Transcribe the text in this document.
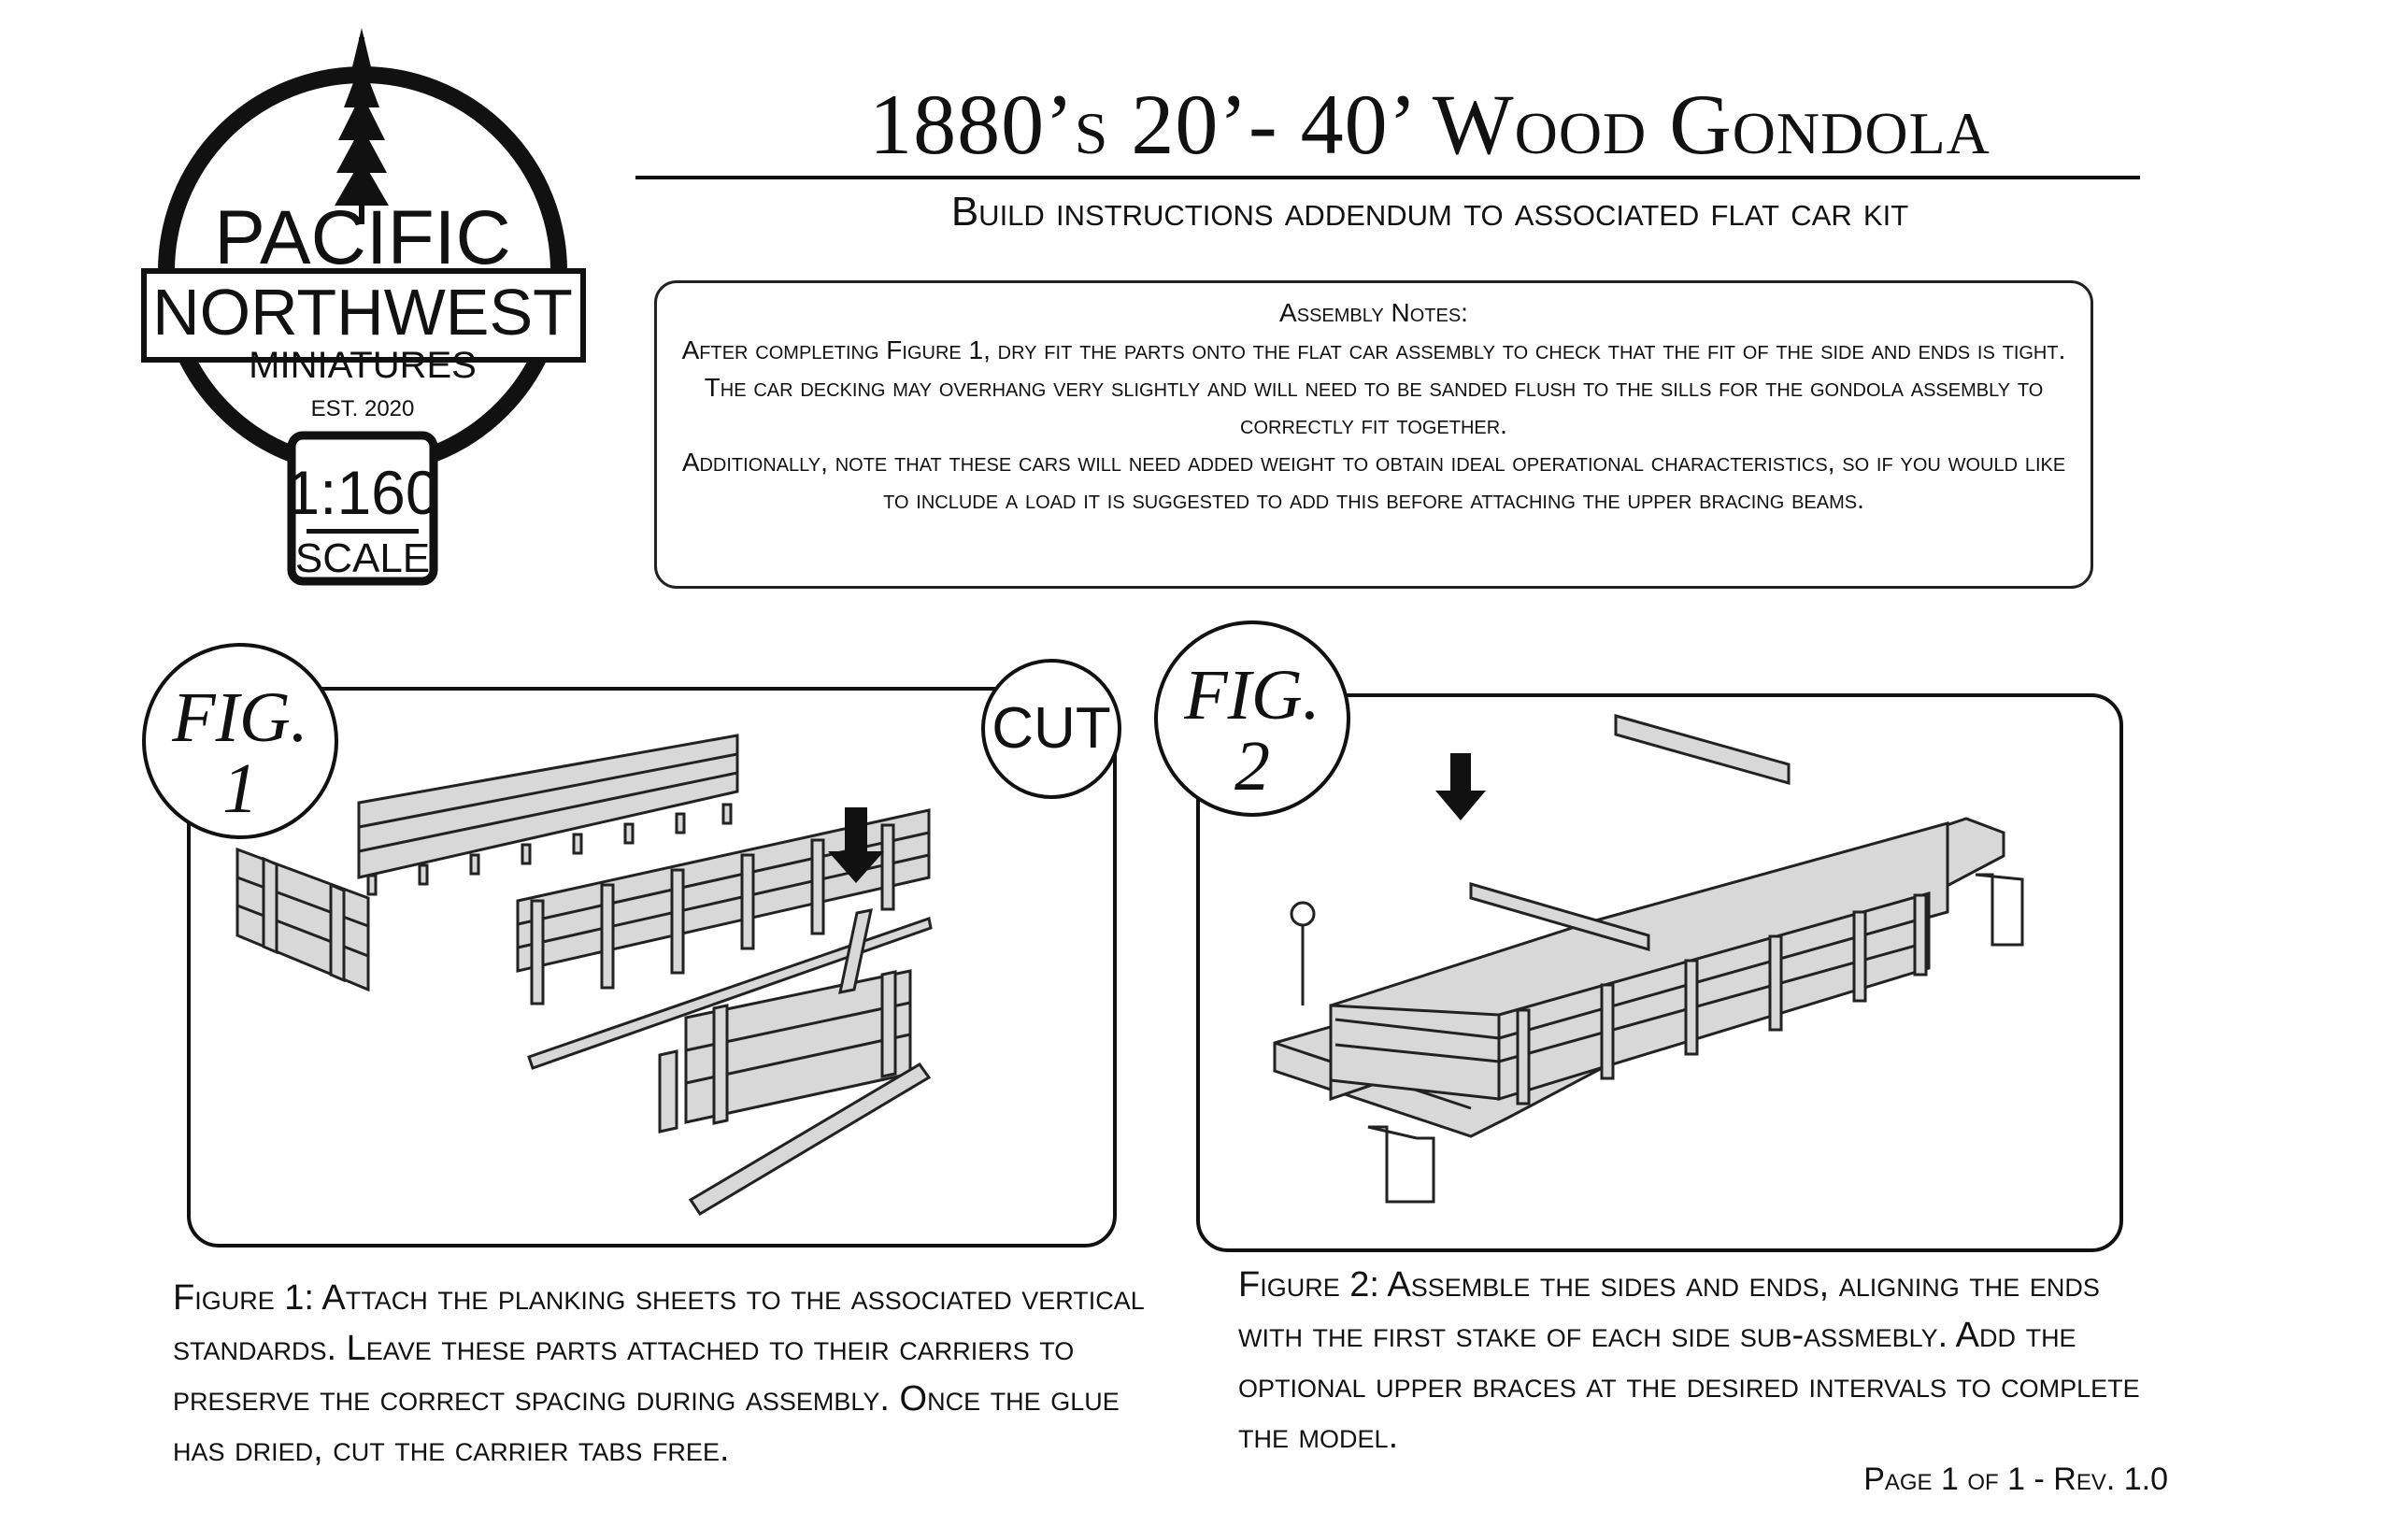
PACIFIC
NORTHWEST
MINIATURES
EST. 2020
1:160
SCALE
1880’s 20’- 40’ Wood Gondola
Build instructions addendum to associated flat car kit

Assembly Notes:

After completing Figure 1, dry fit the parts onto the flat car assembly to check that the fit of the side and ends is tight. The car decking may overhang very slightly and will need to be sanded flush to the sills for the gondola assembly to correctly fit together.

Additionally, note that these cars will need added weight to obtain ideal operational characteristics, so if you would like to include a load it is suggested to add this before attaching the upper bracing beams.

FIG.
1
CUT	FIG.
2
Figure 1: Attach the planking sheets to the associated vertical standards. Leave these parts attached to their carriers to preserve the correct spacing during assembly. Once the glue has dried, cut the carrier tabs free.
Figure 2: Assemble the sides and ends, aligning the ends with the first stake of each side sub-assmebly. Add the optional upper braces at the desired intervals to complete the model.
Page 1 of 1 - Rev. 1.0
